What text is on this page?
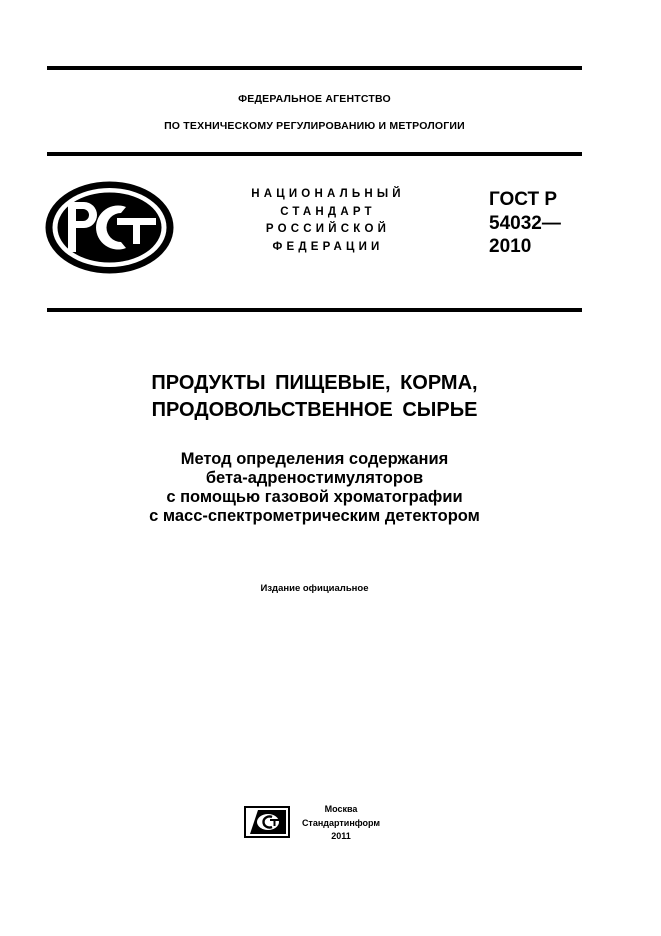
ФЕДЕРАЛЬНОЕ АГЕНТСТВО
ПО ТЕХНИЧЕСКОМУ РЕГУЛИРОВАНИЮ И МЕТРОЛОГИИ
НАЦИОНАЛЬНЫЙ
СТАНДАРТ
РОССИЙСКОЙ
ФЕДЕРАЦИИ
ГОСТ Р
54032—
2010
ПРОДУКТЫ ПИЩЕВЫЕ, КОРМА,
ПРОДОВОЛЬСТВЕННОЕ СЫРЬЕ
Метод определения содержания
бета-адреностимуляторов
с помощью газовой хроматографии
с масс-спектрометрическим детектором
Издание официальное
Москва
Стандартинформ
2011
